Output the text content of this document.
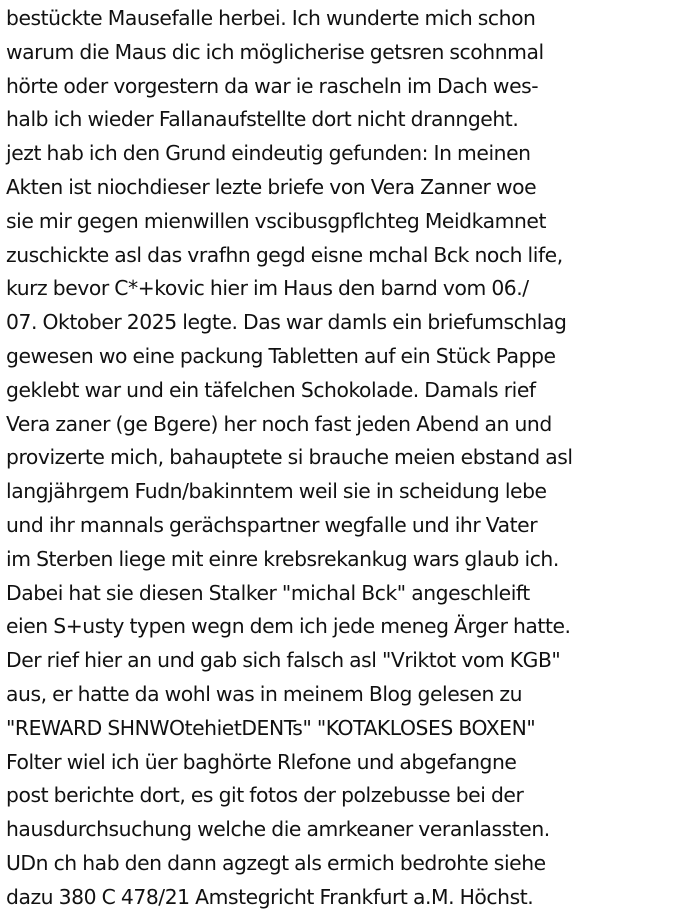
bestückte Mausefalle herbei. Ich wunderte mich schon
warum die Maus dic ich möglicherise getsren scohnmal
hörte oder vorgestern da war ie rascheln im Dach wes-
halb ich wieder Fallanaufstellte dort nicht dranngeht.
jezt hab ich den Grund eindeutig gefunden: In meinen
Akten ist niochdieser lezte briefe von Vera Zanner woe
sie mir gegen mienwillen vscibusgpflchteg Meidkamnet
zuschickte asl das vrafhn gegd eisne mchal Bck noch life,
kurz bevor C*+kovic hier im Haus den barnd vom 06./
07. Oktober 2025 legte. Das war damls ein briefumschlag
gewesen wo eine packung Tabletten auf ein Stück Pappe
geklebt war und ein täfelchen Schokolade. Damals rief
Vera zaner (ge Bgere) her noch fast jeden Abend an und
provizerte mich, bahauptete si brauche meien ebstand asl
langjährgem Fudn/bakinntem weil sie in scheidung lebe
und ihr mannals gerächspartner wegfalle und ihr Vater
im Sterben liege mit einre krebsrekankug wars glaub ich.
Dabei hat sie diesen Stalker "michal Bck" angeschleift
eien S+usty typen wegn dem ich jede meneg Ärger hatte.
Der rief hier an und gab sich falsch asl "Vriktot vom KGB"
aus, er hatte da wohl was in meinem Blog gelesen zu
"REWARD SHNWOtehietDENTs" "KOTAKLOSES BOXEN"
Folter wiel ich üer baghörte Rlefone und abgefangne
post berichte dort, es git fotos der polzebusse bei der
hausdurchsuchung welche die amrkeaner veranlassten.
UDn ch hab den dann agzegt als ermich bedrohte siehe
dazu 380 C 478/21 Amstegricht Frankfurt a.M. Höchst.
